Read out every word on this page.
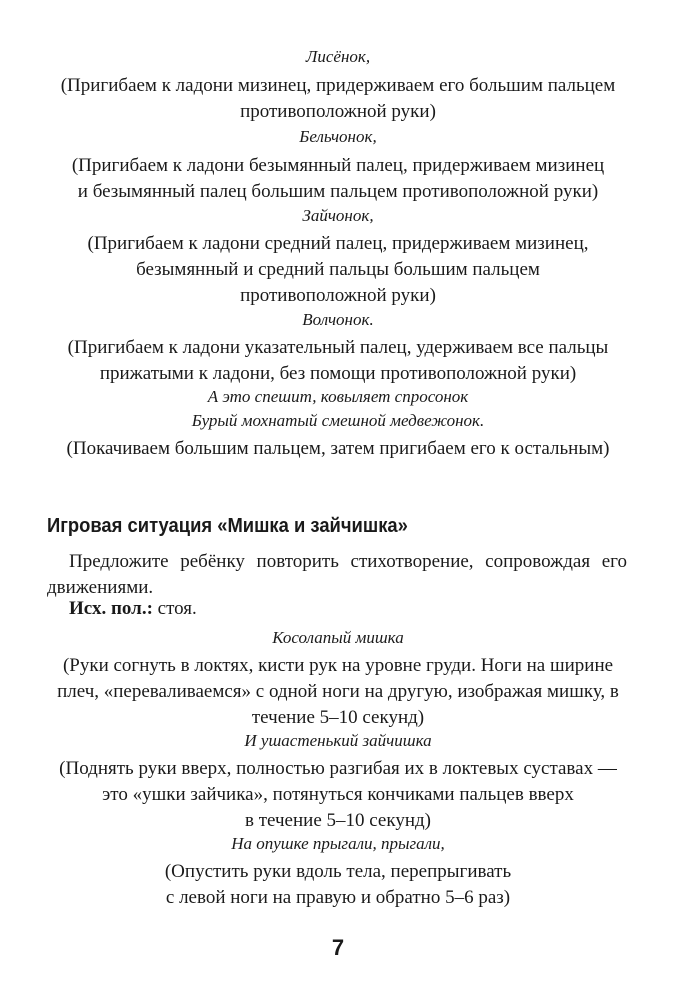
Лисёнок,
(Пригибаем к ладони мизинец, придерживаем его большим пальцем
противоположной руки)
Бельчонок,
(Пригибаем к ладони безымянный палец, придерживаем мизинец
и безымянный палец большим пальцем противоположной руки)
Зайчонок,
(Пригибаем к ладони средний палец, придерживаем мизинец,
безымянный и средний пальцы большим пальцем
противоположной руки)
Волчонок.
(Пригибаем к ладони указательный палец, удерживаем все пальцы
прижатыми к ладони, без помощи противоположной руки)
А это спешит, ковыляет спросонок
Бурый мохнатый смешной медвежонок.
(Покачиваем большим пальцем, затем пригибаем его к остальным)
Игровая ситуация «Мишка и зайчишка»
Предложите ребёнку повторить стихотворение, сопровождая его
движениями.
Исх. пол.: стоя.
Косолапый мишка
(Руки согнуть в локтях, кисти рук на уровне груди. Ноги на ширине
плеч, «переваливаемся» с одной ноги на другую, изображая мишку, в
течение 5–10 секунд)
И ушастенький зайчишка
(Поднять руки вверх, полностью разгибая их в локтевых суставах —
это «ушки зайчика», потянуться кончиками пальцев вверх
в течение 5–10 секунд)
На опушке прыгали, прыгали,
(Опустить руки вдоль тела, перепрыгивать
с левой ноги на правую и обратно 5–6 раз)
7
